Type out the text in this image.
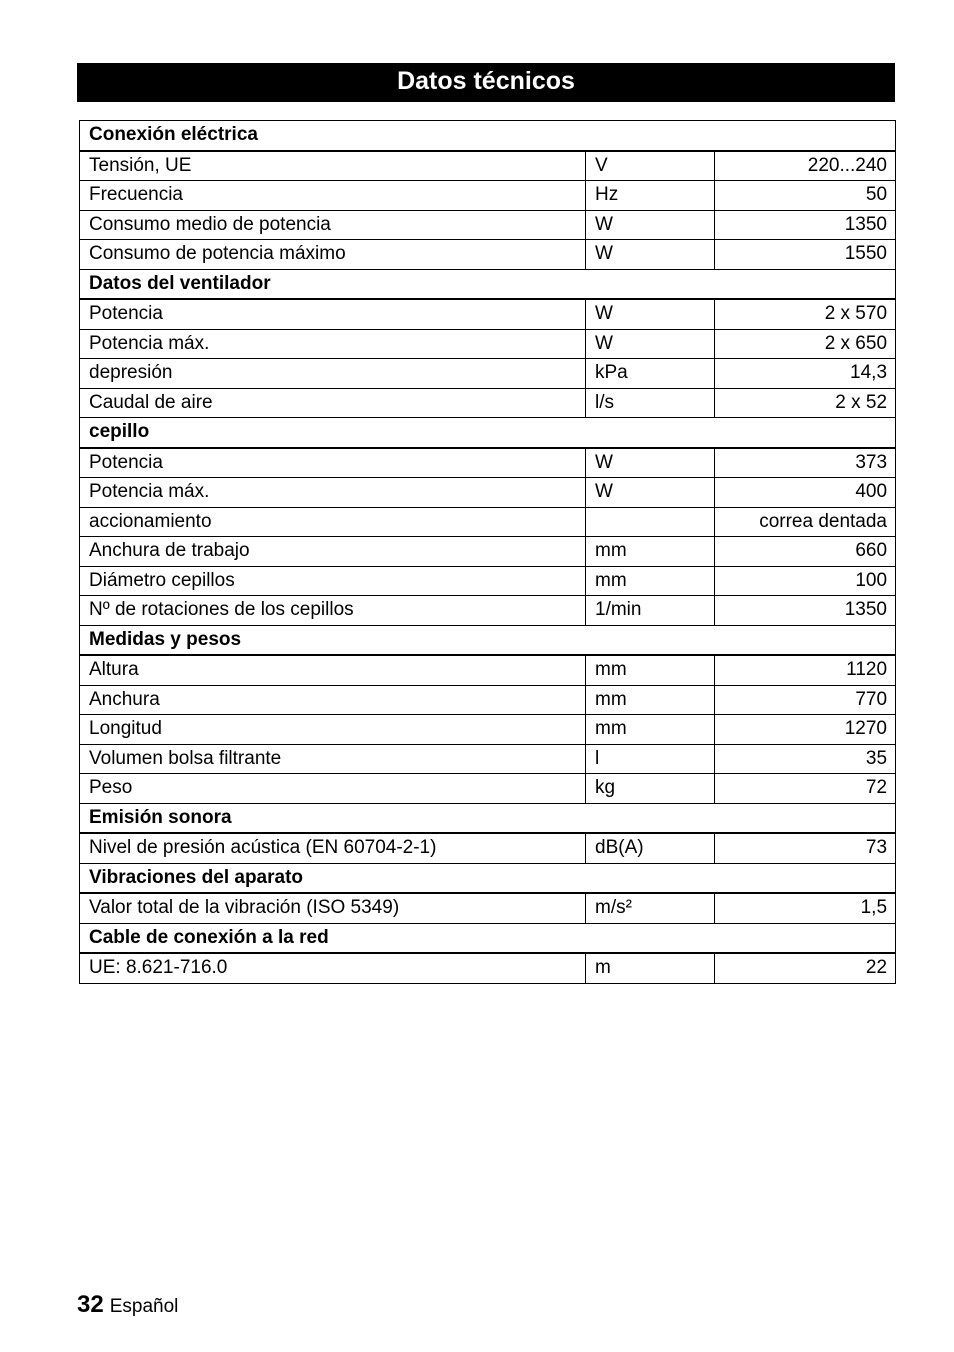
Datos técnicos
Conexión eléctrica		
Tensión, UE	V	220...240
Frecuencia	Hz	50
Consumo medio de potencia	W	1350
Consumo de potencia máximo	W	1550
Datos del ventilador		
Potencia	W	2 x 570
Potencia máx.	W	2 x 650
depresión	kPa	14,3
Caudal de aire	l/s	2 x 52
cepillo		
Potencia	W	373
Potencia máx.	W	400
accionamiento		correa dentada
Anchura de trabajo	mm	660
Diámetro cepillos	mm	100
Nº de rotaciones de los cepillos	1/min	1350
Medidas y pesos		
Altura	mm	1120
Anchura	mm	770
Longitud	mm	1270
Volumen bolsa filtrante	l	35
Peso	kg	72
Emisión sonora		
Nivel de presión acústica (EN 60704-2-1)	dB(A)	73
Vibraciones del aparato		
Valor total de la vibración (ISO 5349)	m/s²	1,5
Cable de conexión a la red		
UE: 8.621-716.0	m	22
32 Español
